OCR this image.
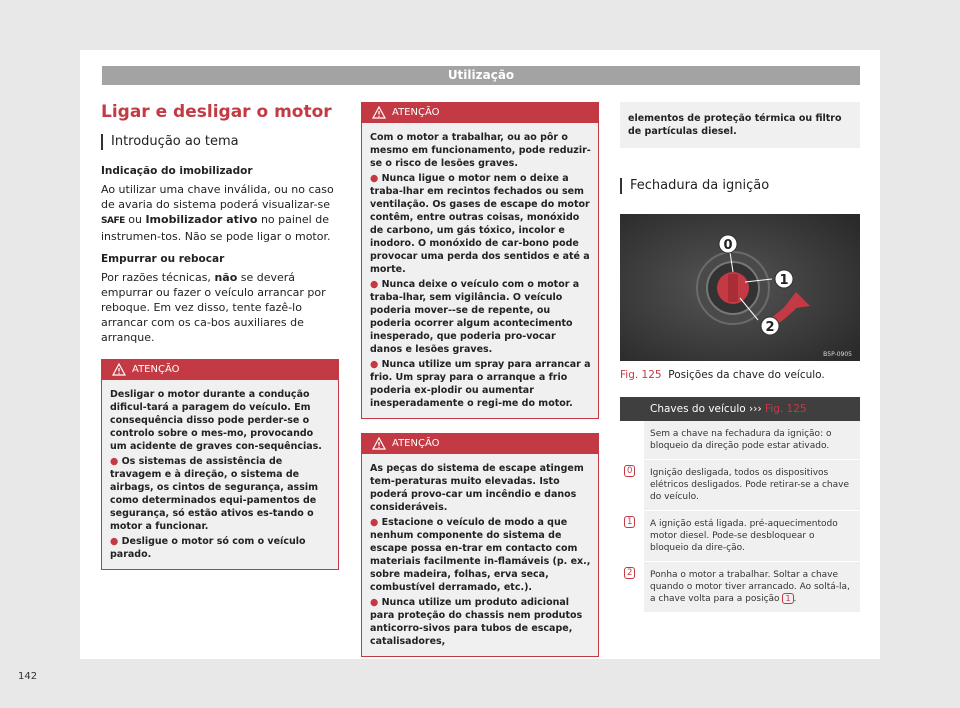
Utilização
Ligar e desligar o motor
Introdução ao tema
Indicação do imobilizador
Ao utilizar uma chave inválida, ou no caso de avaria do sistema poderá visualizar-se SAFE ou Imobilizador ativo no painel de instrumen-tos. Não se pode ligar o motor.
Empurrar ou rebocar
Por razões técnicas, não se deverá empurrar ou fazer o veículo arrancar por reboque. Em vez disso, tente fazê-lo arrancar com os ca-bos auxiliares de arranque.
ATENÇÃO
Desligar o motor durante a condução dificul-tará a paragem do veículo. Em consequência disso pode perder-se o controlo sobre o mes-mo, provocando um acidente de graves con-sequências.
● Os sistemas de assistência de travagem e à direção, o sistema de airbags, os cintos de segurança, assim como determinados equi-pamentos de segurança, só estão ativos es-tando o motor a funcionar.
● Desligue o motor só com o veículo parado.
ATENÇÃO
Com o motor a trabalhar, ou ao pôr o mesmo em funcionamento, pode reduzir-se o risco de lesões graves.
● Nunca ligue o motor nem o deixe a traba-lhar em recintos fechados ou sem ventilação. Os gases de escape do motor contêm, entre outras coisas, monóxido de carbono, um gás tóxico, incolor e inodoro. O monóxido de car-bono pode provocar uma perda dos sentidos e até a morte.
● Nunca deixe o veículo com o motor a traba-lhar, sem vigilância. O veículo poderia mover--se de repente, ou poderia ocorrer algum acontecimento inesperado, que poderia pro-vocar danos e lesões graves.
● Nunca utilize um spray para arrancar a frio. Um spray para o arranque a frio poderia ex-plodir ou aumentar inesperadamente o regi-me do motor.
ATENÇÃO
As peças do sistema de escape atingem tem-peraturas muito elevadas. Isto poderá provo-car um incêndio e danos consideráveis.
● Estacione o veículo de modo a que nenhum componente do sistema de escape possa en-trar em contacto com materiais facilmente in-flamáveis (p. ex., sobre madeira, folhas, erva seca, combustível derramado, etc.).
● Nunca utilize um produto adicional para proteção do chassis nem produtos anticorro-sivos para tubos de escape, catalisadores,
elementos de proteção térmica ou filtro de partículas diesel.
Fechadura da ignição
0
1
2
B5P-0905
Fig. 125 Posições da chave do veículo.
Chaves do veículo ››› Fig. 125
Sem a chave na fechadura da ignição: o bloqueio da direção pode estar ativado.
0	Ignição desligada, todos os dispositivos elétricos desligados. Pode retirar-se a chave do veículo.
1	A ignição está ligada. pré-aquecimentodo motor diesel. Pode-se desbloquear o bloqueio da dire-ção.
2	Ponha o motor a trabalhar. Soltar a chave quando o motor tiver arrancado. Ao soltá-la, a chave volta para a posição 1 .
142
